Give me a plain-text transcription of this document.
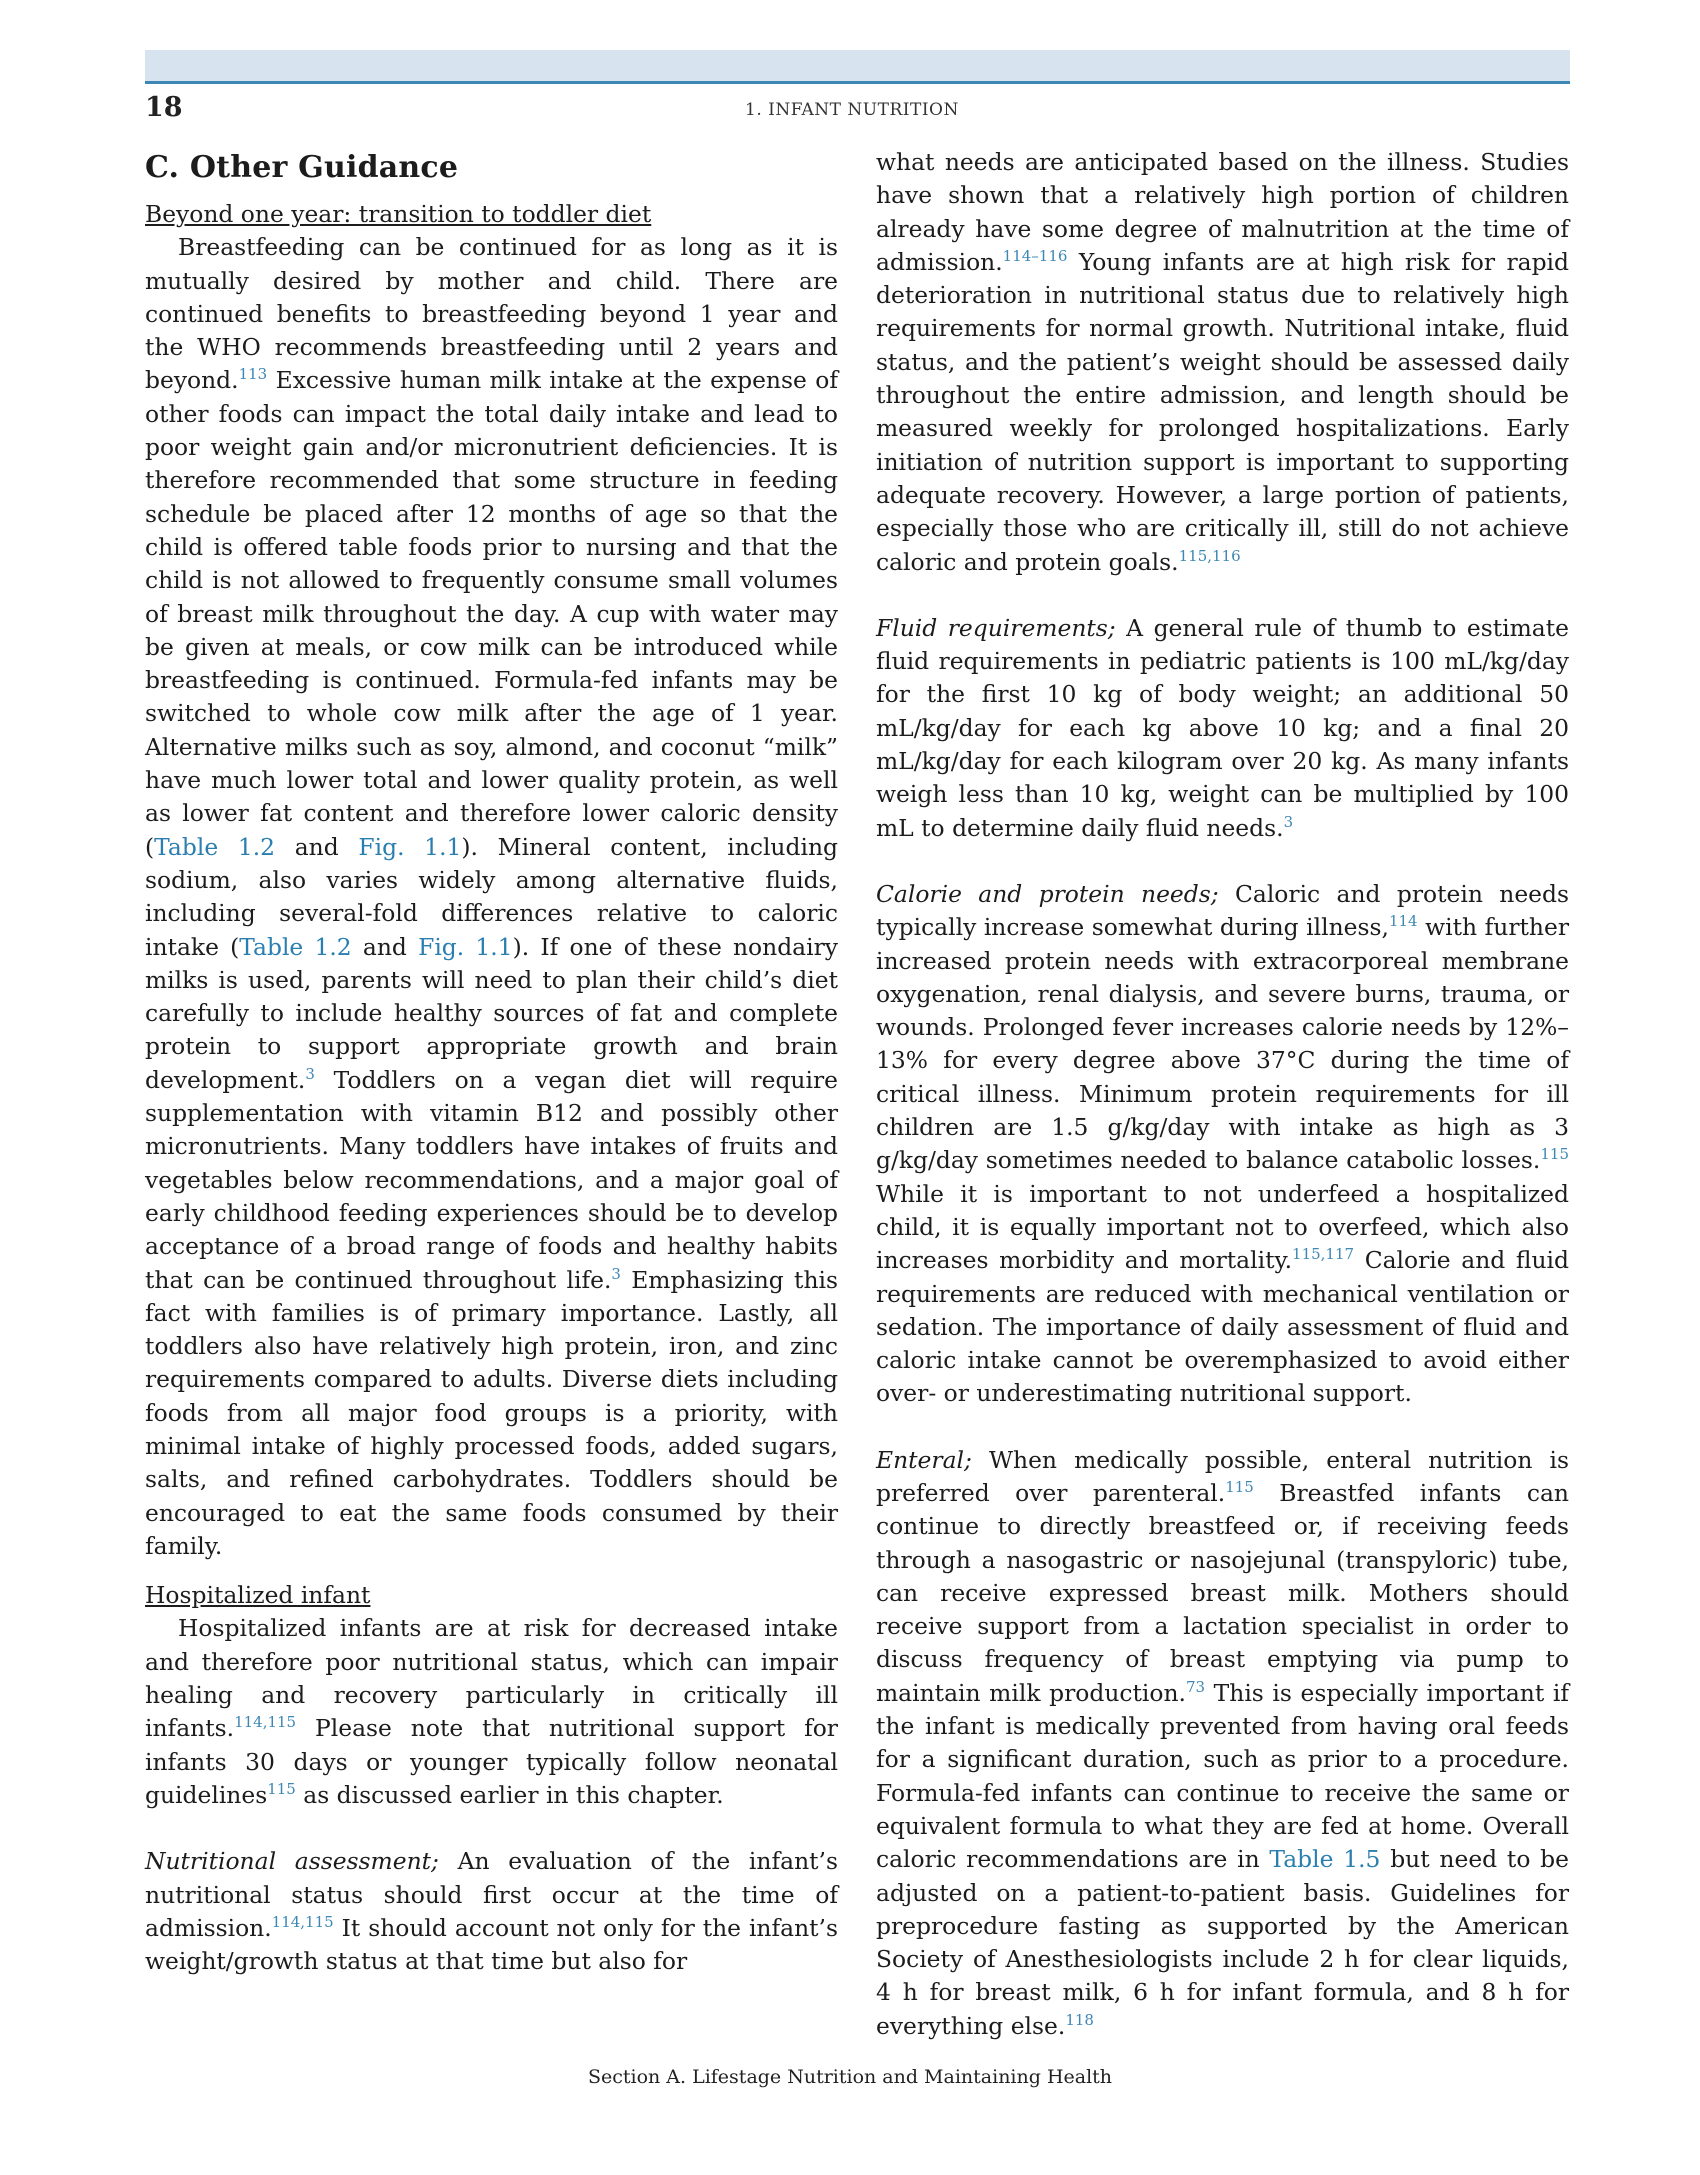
18	1. INFANT NUTRITION
C. Other Guidance

Beyond one year: transition to toddler diet

Breastfeeding can be continued for as long as it is mutually desired by mother and child. There are continued benefits to breastfeeding beyond 1 year and the WHO recommends breastfeeding until 2 years and beyond.$^{113}$ Excessive human milk intake at the expense of other foods can impact the total daily intake and lead to poor weight gain and/or micronutrient deficiencies. It is therefore recommended that some structure in feeding schedule be placed after 12 months of age so that the child is offered table foods prior to nursing and that the child is not allowed to frequently consume small volumes of breast milk throughout the day. A cup with water may be given at meals, or cow milk can be introduced while breastfeeding is continued. Formula-fed infants may be switched to whole cow milk after the age of 1 year. Alternative milks such as soy, almond, and coconut “milk” have much lower total and lower quality protein, as well as lower fat content and therefore lower caloric density (Table 1.2 and Fig. 1.1). Mineral content, including sodium, also varies widely among alternative fluids, including several-fold differences relative to caloric intake (Table 1.2 and Fig. 1.1). If one of these nondairy milks is used, parents will need to plan their child’s diet carefully to include healthy sources of fat and complete protein to support appropriate growth and brain development.$^3$ Toddlers on a vegan diet will require supplementation with vitamin B12 and possibly other micronutrients. Many toddlers have intakes of fruits and vegetables below recommendations, and a major goal of early childhood feeding experiences should be to develop acceptance of a broad range of foods and healthy habits that can be continued throughout life.$^3$ Emphasizing this fact with families is of primary importance. Lastly, all toddlers also have relatively high protein, iron, and zinc requirements compared to adults. Diverse diets including foods from all major food groups is a priority, with minimal intake of highly processed foods, added sugars, salts, and refined carbohydrates. Toddlers should be encouraged to eat the same foods consumed by their family.

Hospitalized infant

Hospitalized infants are at risk for decreased intake and therefore poor nutritional status, which can impair healing and recovery particularly in critically ill infants.$^{114,115}$ Please note that nutritional support for infants 30 days or younger typically follow neonatal guidelines$^{115}$ as discussed earlier in this chapter.

Nutritional assessment; An evaluation of the infant’s nutritional status should first occur at the time of admission.$^{114,115}$ It should account not only for the infant’s weight/growth status at that time but also for

what needs are anticipated based on the illness. Studies have shown that a relatively high portion of children already have some degree of malnutrition at the time of admission.$^{114-116}$ Young infants are at high risk for rapid deterioration in nutritional status due to relatively high requirements for normal growth. Nutritional intake, fluid status, and the patient’s weight should be assessed daily throughout the entire admission, and length should be measured weekly for prolonged hospitalizations. Early initiation of nutrition support is important to supporting adequate recovery. However, a large portion of patients, especially those who are critically ill, still do not achieve caloric and protein goals.$^{115,116}$

Fluid requirements; A general rule of thumb to estimate fluid requirements in pediatric patients is 100 mL/kg/day for the first 10 kg of body weight; an additional 50 mL/kg/day for each kg above 10 kg; and a final 20 mL/kg/day for each kilogram over 20 kg. As many infants weigh less than 10 kg, weight can be multiplied by 100 mL to determine daily fluid needs.$^3$

Calorie and protein needs; Caloric and protein needs typically increase somewhat during illness,$^{114}$ with further increased protein needs with extracorporeal membrane oxygenation, renal dialysis, and severe burns, trauma, or wounds. Prolonged fever increases calorie needs by 12%–13% for every degree above 37°C during the time of critical illness. Minimum protein requirements for ill children are 1.5 g/kg/day with intake as high as 3 g/kg/day sometimes needed to balance catabolic losses.$^{115}$ While it is important to not underfeed a hospitalized child, it is equally important not to overfeed, which also increases morbidity and mortality.$^{115,117}$ Calorie and fluid requirements are reduced with mechanical ventilation or sedation. The importance of daily assessment of fluid and caloric intake cannot be overemphasized to avoid either over- or underestimating nutritional support.

Enteral; When medically possible, enteral nutrition is preferred over parenteral.$^{115}$ Breastfed infants can continue to directly breastfeed or, if receiving feeds through a nasogastric or nasojejunal (transpyloric) tube, can receive expressed breast milk. Mothers should receive support from a lactation specialist in order to discuss frequency of breast emptying via pump to maintain milk production.$^{73}$ This is especially important if the infant is medically prevented from having oral feeds for a significant duration, such as prior to a procedure. Formula-fed infants can continue to receive the same or equivalent formula to what they are fed at home. Overall caloric recommendations are in Table 1.5 but need to be adjusted on a patient-to-patient basis. Guidelines for preprocedure fasting as supported by the American Society of Anesthesiologists include 2 h for clear liquids, 4 h for breast milk, 6 h for infant formula, and 8 h for everything else.$^{118}$

Section A. Lifestage Nutrition and Maintaining Health
